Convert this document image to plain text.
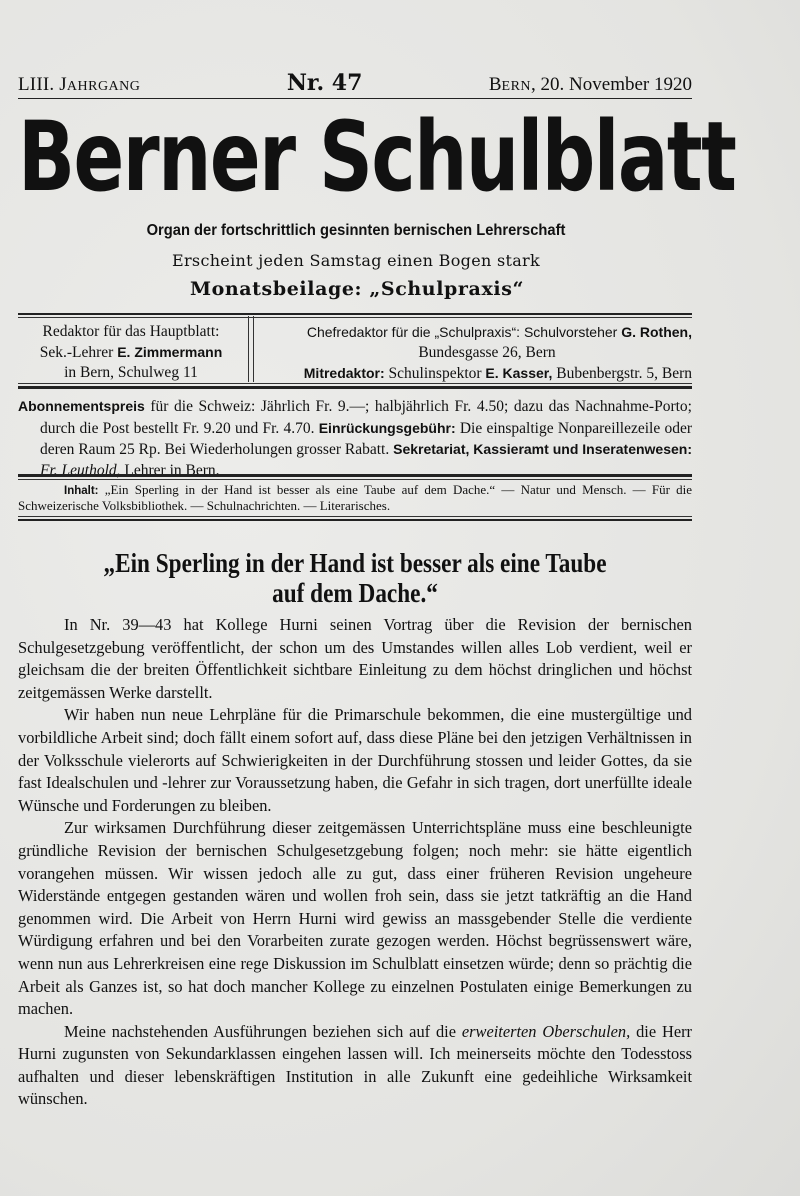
LIII. JAHRGANG	Nr. 47	BERN, 20. November 1920
Berner Schulblatt
Organ der fortschrittlich gesinnten bernischen Lehrerschaft
Erscheint jeden Samstag einen Bogen stark
Monatsbeilage: „Schulpraxis“
Redaktor für das Hauptblatt:
Sek.-Lehrer E. Zimmermann
in Bern, Schulweg 11
Chefredaktor für die „Schulpraxis“: Schulvorsteher G. Rothen,
Bundesgasse 26, Bern
Mitredaktor: Schulinspektor E. Kasser, Bubenbergstr. 5, Bern

Abonnementspreis für die Schweiz: Jährlich Fr. 9.—; halbjährlich Fr. 4.50; dazu das Nachnahme-Porto; durch die Post bestellt Fr. 9.20 und Fr. 4.70. Einrückungsgebühr: Die einspaltige Nonpareillezeile oder deren Raum 25 Rp. Bei Wiederholungen grosser Rabatt. Sekretariat, Kassieramt und Inseratenwesen: Fr. Leuthold, Lehrer in Bern.

Inhalt: „Ein Sperling in der Hand ist besser als eine Taube auf dem Dache.“ — Natur und Mensch. — Für die Schweizerische Volksbibliothek. — Schulnachrichten. — Literarisches.

„Ein Sperling in der Hand ist besser als eine Taube
auf dem Dache.“

In Nr. 39—43 hat Kollege Hurni seinen Vortrag über die Revision der bernischen Schulgesetzgebung veröffentlicht, der schon um des Umstandes willen alles Lob verdient, weil er gleichsam die der breiten Öffentlichkeit sichtbare Einleitung zu dem höchst dringlichen und höchst zeitgemässen Werke darstellt.

Wir haben nun neue Lehrpläne für die Primarschule bekommen, die eine mustergültige und vorbildliche Arbeit sind; doch fällt einem sofort auf, dass diese Pläne bei den jetzigen Verhältnissen in der Volksschule vielerorts auf Schwierigkeiten in der Durchführung stossen und leider Gottes, da sie fast Idealschulen und -lehrer zur Voraussetzung haben, die Gefahr in sich tragen, dort unerfüllte ideale Wünsche und Forderungen zu bleiben.

Zur wirksamen Durchführung dieser zeitgemässen Unterrichtspläne muss eine beschleunigte gründliche Revision der bernischen Schulgesetzgebung folgen; noch mehr: sie hätte eigentlich vorangehen müssen. Wir wissen jedoch alle zu gut, dass einer früheren Revision ungeheure Widerstände entgegen gestanden wären und wollen froh sein, dass sie jetzt tatkräftig an die Hand genommen wird. Die Arbeit von Herrn Hurni wird gewiss an massgebender Stelle die verdiente Würdigung erfahren und bei den Vorarbeiten zurate gezogen werden. Höchst begrüssenswert wäre, wenn nun aus Lehrerkreisen eine rege Diskussion im Schulblatt einsetzen würde; denn so prächtig die Arbeit als Ganzes ist, so hat doch mancher Kollege zu einzelnen Postulaten einige Bemerkungen zu machen.

Meine nachstehenden Ausführungen beziehen sich auf die erweiterten Oberschulen, die Herr Hurni zugunsten von Sekundarklassen eingehen lassen will. Ich meinerseits möchte den Todesstoss aufhalten und dieser lebenskräftigen Institution in alle Zukunft eine gedeihliche Wirksamkeit wünschen.
